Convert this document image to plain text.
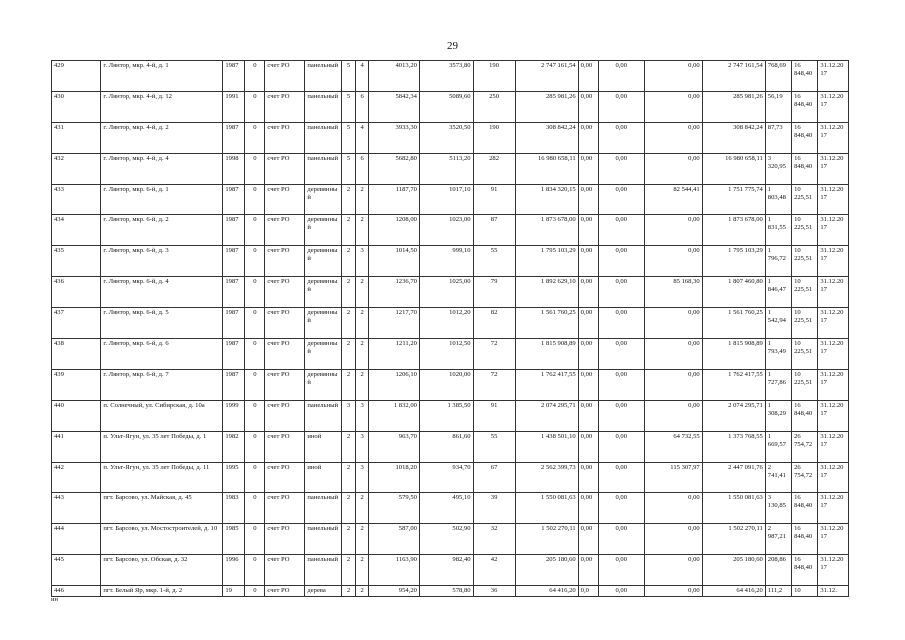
29
429	г. Лянтор, мкр. 4-й, д. 1	1987	0	счет РО	панельный	5	4	4013,20	3573,80	190	2 747 161,54	0,00	0,00	0,00	2 747 161,54	768,69	16 848,40	31.12.2017
430	г. Лянтор, мкр. 4-й, д. 12	1991	0	счет РО	панельный	5	6	5842,34	5089,60	250	285 981,26	0,00	0,00	0,00	285 981,26	56,19	16 848,40	31.12.2017
431	г. Лянтор, мкр. 4-й, д. 2	1987	0	счет РО	панельный	5	4	3933,30	3520,50	190	308 842,24	0,00	0,00	0,00	308 842,24	87,73	16 848,40	31.12.2017
432	г. Лянтор, мкр. 4-й, д. 4	1998	0	счет РО	панельный	5	6	5682,80	5113,20	282	16 980 658,11	0,00	0,00	0,00	16 980 658,11	3 320,95	16 848,40	31.12.2017
433	г. Лянтор, мкр. 6-й, д. 1	1987	0	счет РО	деревянный	2	2	1187,70	1017,10	91	1 834 320,15	0,00	0,00	82 544,41	1 751 775,74	1 803,48	10 225,51	31.12.2017
434	г. Лянтор, мкр. 6-й, д. 2	1987	0	счет РО	деревянный	2	2	1208,00	1023,00	87	1 873 678,00	0,00	0,00	0,00	1 873 678,00	1 831,55	10 225,51	31.12.2017
435	г. Лянтор, мкр. 6-й, д. 3	1987	0	счет РО	деревянный	2	3	1014,50	999,10	55	1 795 103,29	0,00	0,00	0,00	1 795 103,29	1 796,72	10 225,51	31.12.2017
436	г. Лянтор, мкр. 6-й, д. 4	1987	0	счет РО	деревянный	2	2	1236,70	1025,00	79	1 892 629,10	0,00	0,00	85 168,30	1 807 460,80	1 846,47	10 225,51	31.12.2017
437	г. Лянтор, мкр. 6-й, д. 5	1987	0	счет РО	деревянный	2	2	1217,70	1012,20	82	1 561 760,25	0,00	0,00	0,00	1 561 760,25	1 542,94	10 225,51	31.12.2017
438	г. Лянтор, мкр. 6-й, д. 6	1987	0	счет РО	деревянный	2	2	1211,20	1012,50	72	1 815 908,89	0,00	0,00	0,00	1 815 908,89	1 793,49	10 225,51	31.12.2017
439	г. Лянтор, мкр. 6-й, д. 7	1987	0	счет РО	деревянный	2	2	1206,10	1020,00	72	1 762 417,55	0,00	0,00	0,00	1 762 417,55	1 727,86	10 225,51	31.12.2017
440	п. Солнечный, ул. Сибирская, д. 10а	1999	0	счет РО	панельный	3	3	1 832,00	1 385,50	91	2 074 295,71	0,00	0,00	0,00	2 074 295,71	1 308,29	16 848,40	31.12.2017
441	п. Ульт-Ягун, ул. 35 лет Победы, д. 1	1982	0	счет РО	иной	2	3	963,70	861,60	55	1 438 501,10	0,00	0,00	64 732,55	1 373 768,55	1 669,57	26 754,72	31.12.2017
442	п. Ульт-Ягун, ул. 35 лет Победы, д. 11	1995	0	счет РО	иной	2	3	1018,20	934,70	67	2 562 399,73	0,00	0,00	115 307,97	2 447 091,76	2 741,41	26 754,72	31.12.2017
443	пгт. Барсово, ул. Майская, д. 45	1983	0	счет РО	панельный	2	2	579,50	495,10	39	1 550 081,63	0,00	0,00	0,00	1 550 081,63	3 130,85	16 848,40	31.12.2017
444	пгт. Барсово, ул. Мостостроителей, д. 10	1985	0	счет РО	панельный	2	2	587,00	502,90	32	1 502 270,11	0,00	0,00	0,00	1 502 270,11	2 987,21	16 848,40	31.12.2017
445	пгт. Барсово, ул. Обская, д. 32	1996	0	счет РО	панельный	2	2	1163,90	982,40	42	205 180,60	0,00	0,00	0,00	205 180,60	208,86	16 848,40	31.12.2017
446	пгт. Белый Яр, мкр. 1-й, д. 2	19	0	счет РО	дерева	2	2	954,20	578,80	36	64 416,20	0,0	0,00	0,00	64 416,20	111,2	10	31.12.
ин
